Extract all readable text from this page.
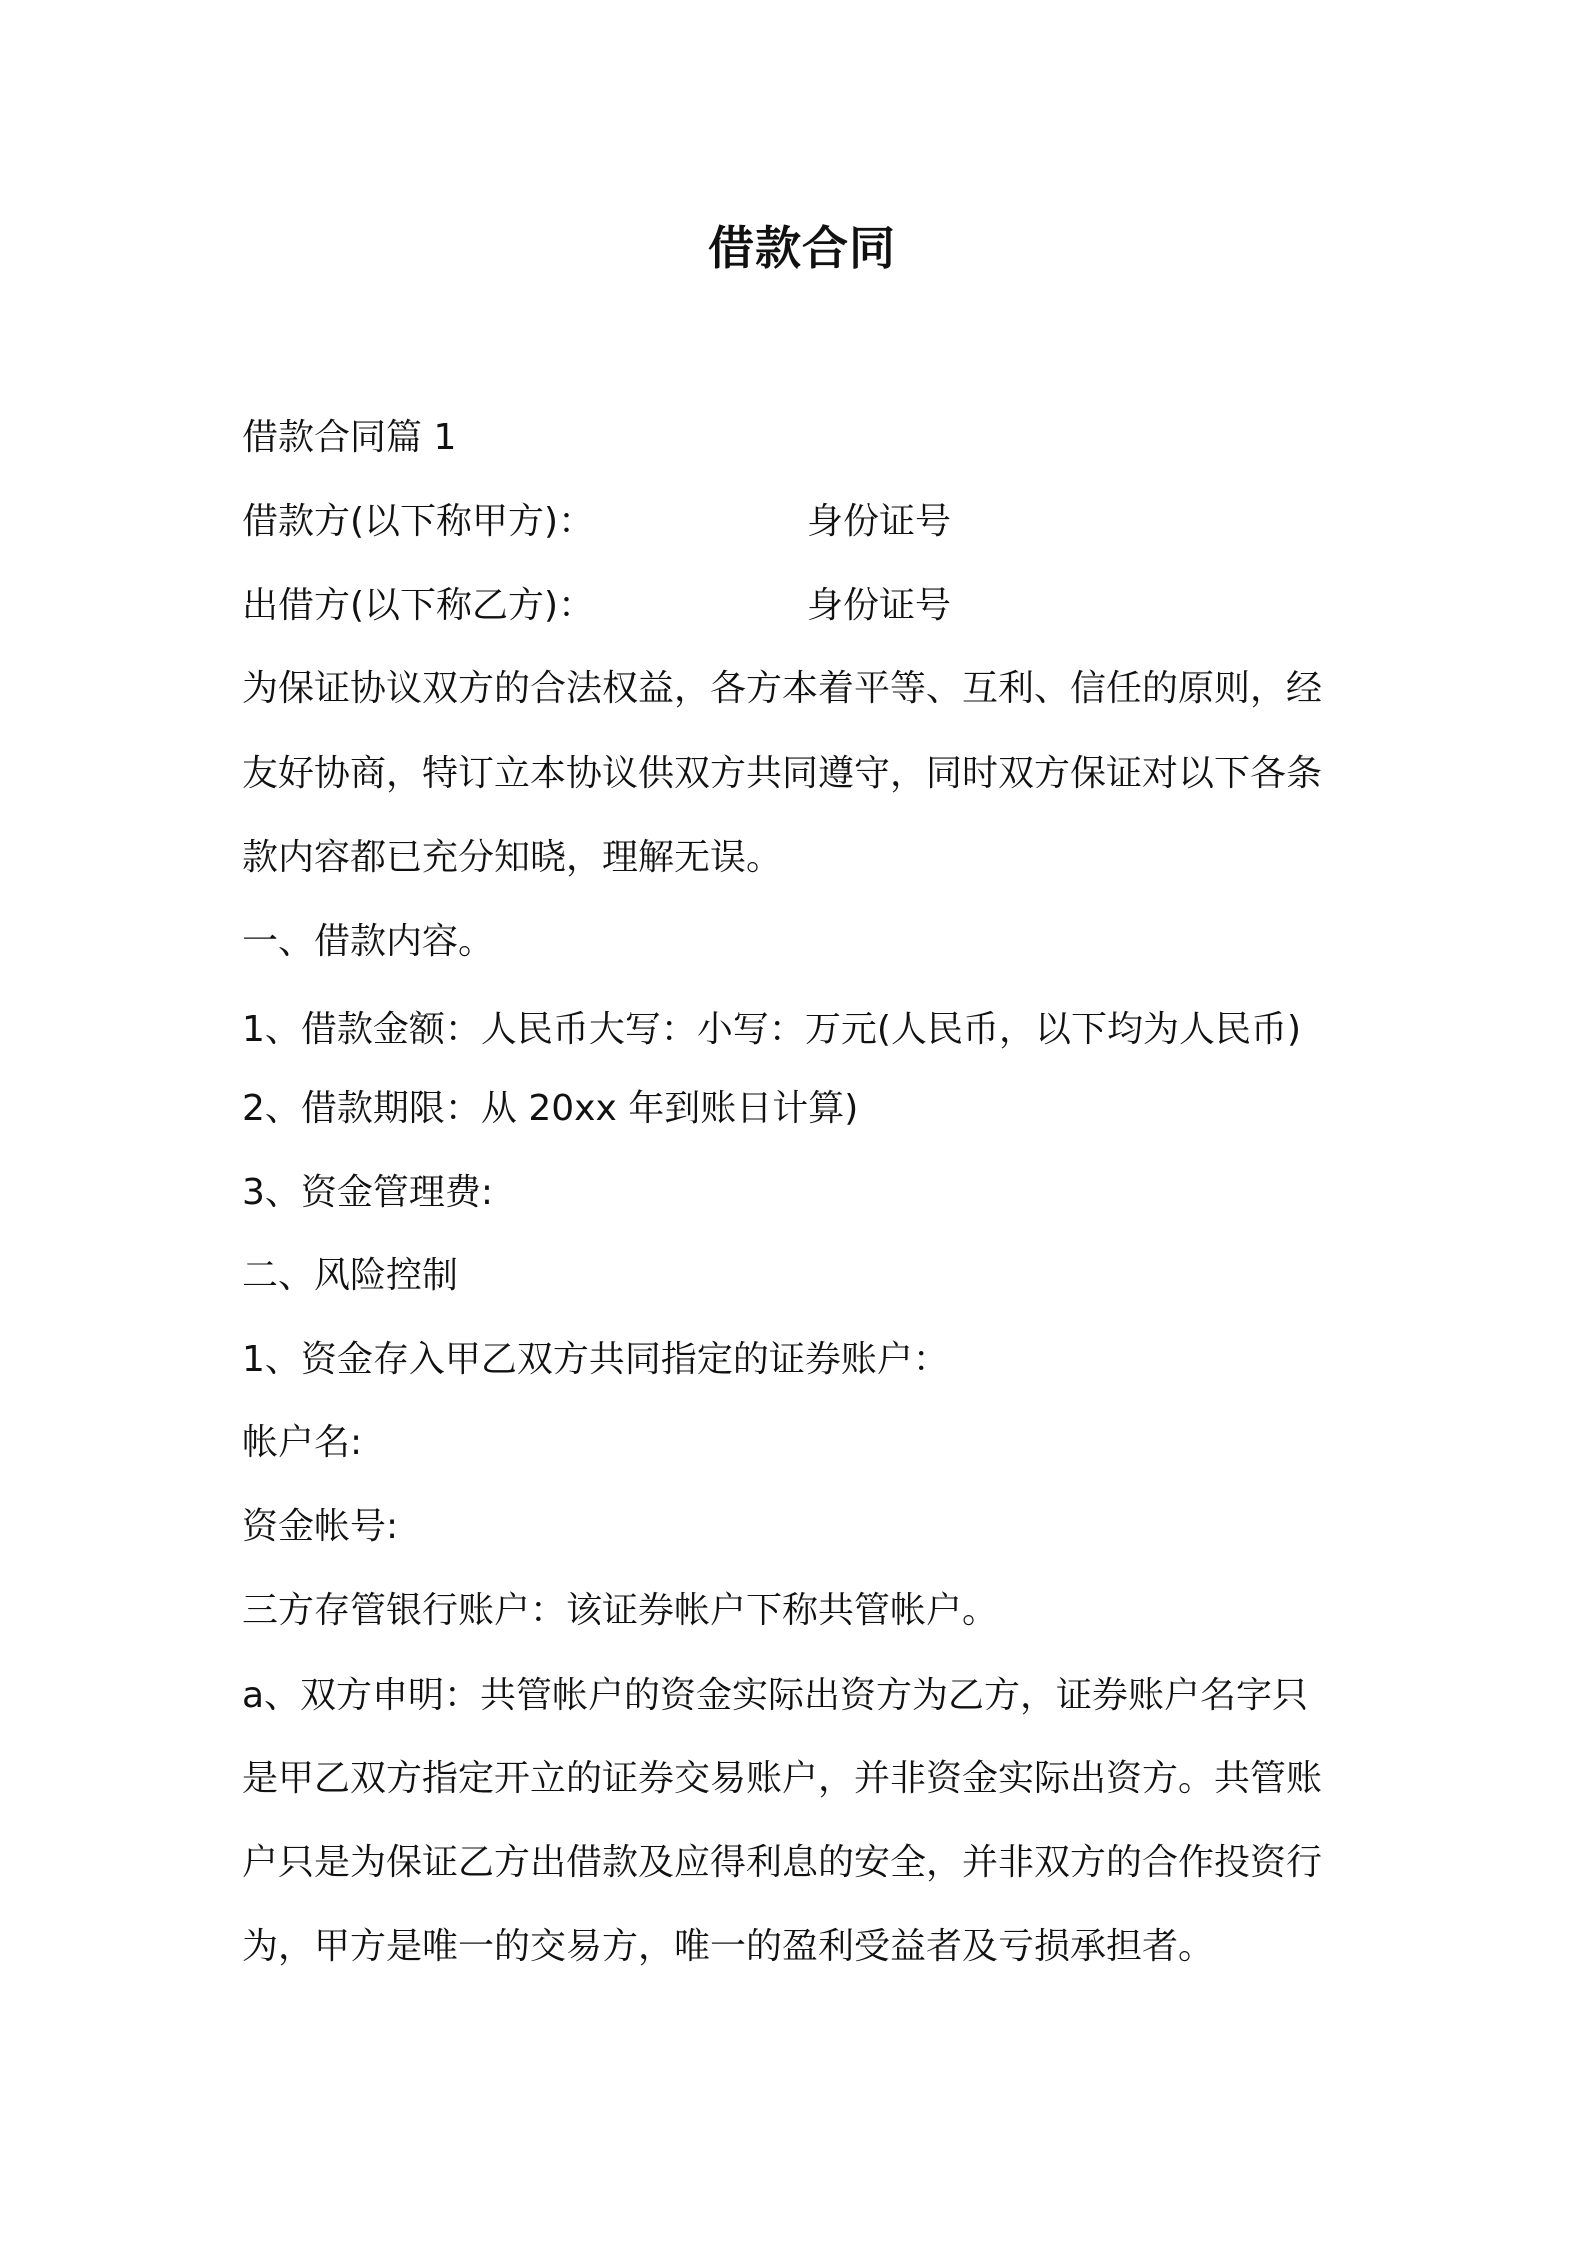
借款合同
借款合同篇 1
借款方(以下称甲方)：	身份证号
出借方(以下称乙方)：	身份证号
为保证协议双方的合法权益，各方本着平等、互利、信任的原则，经
友好协商，特订立本协议供双方共同遵守，同时双方保证对以下各条
款内容都已充分知晓，理解无误。
一、借款内容。
1、借款金额：人民币大写：小写：万元(人民币，以下均为人民币)
2、借款期限：从 20xx 年到账日计算)
3、资金管理费:
二、风险控制
1、资金存入甲乙双方共同指定的证券账户：
帐户名:
资金帐号:
三方存管银行账户：该证券帐户下称共管帐户。
a、双方申明：共管帐户的资金实际出资方为乙方，证券账户名字只
是甲乙双方指定开立的证券交易账户，并非资金实际出资方。共管账
户只是为保证乙方出借款及应得利息的安全，并非双方的合作投资行
为，甲方是唯一的交易方，唯一的盈利受益者及亏损承担者。
